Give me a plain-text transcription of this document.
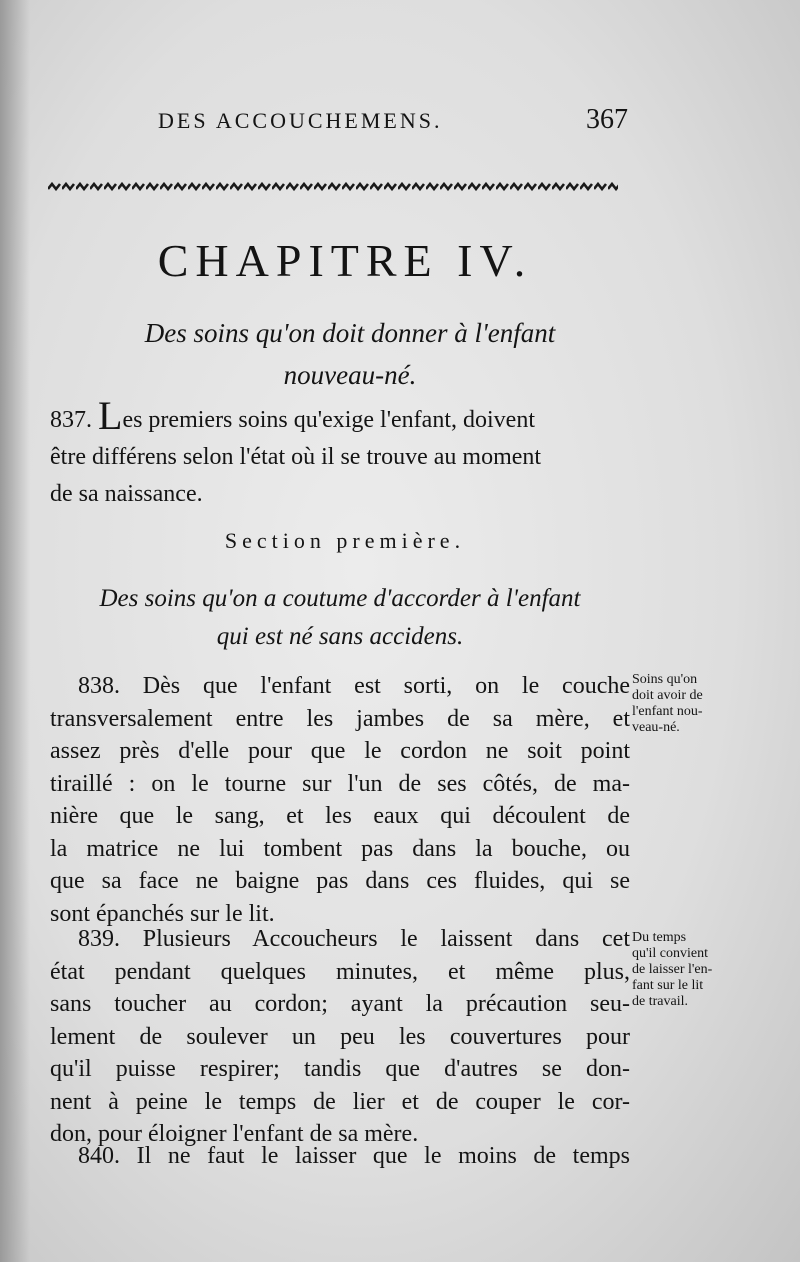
DES ACCOUCHEMENS.	367
CHAPITRE IV.
Des soins qu'on doit donner à l'enfant
nouveau-né.
837. Les premiers soins qu'exige l'enfant, doivent
être différens selon l'état où il se trouve au moment
de sa naissance.
Section première.
Des soins qu'on a coutume d'accorder à l'enfant
qui est né sans accidens.
838. Dès que l'enfant est sorti, on le couche
transversalement entre les jambes de sa mère, et
assez près d'elle pour que le cordon ne soit point
tiraillé : on le tourne sur l'un de ses côtés, de ma-
nière que le sang, et les eaux qui découlent de
la matrice ne lui tombent pas dans la bouche, ou
que sa face ne baigne pas dans ces fluides, qui se
sont épanchés sur le lit.
Soins qu'on
doit avoir de
l'enfant nou-
veau-né.
839. Plusieurs Accoucheurs le laissent dans cet
état pendant quelques minutes, et même plus,
sans toucher au cordon; ayant la précaution seu-
lement de soulever un peu les couvertures pour
qu'il puisse respirer; tandis que d'autres se don-
nent à peine le temps de lier et de couper le cor-
don, pour éloigner l'enfant de sa mère.
Du temps
qu'il convient
de laisser l'en-
fant sur le lit
de travail.
840. Il ne faut le laisser que le moins de temps
